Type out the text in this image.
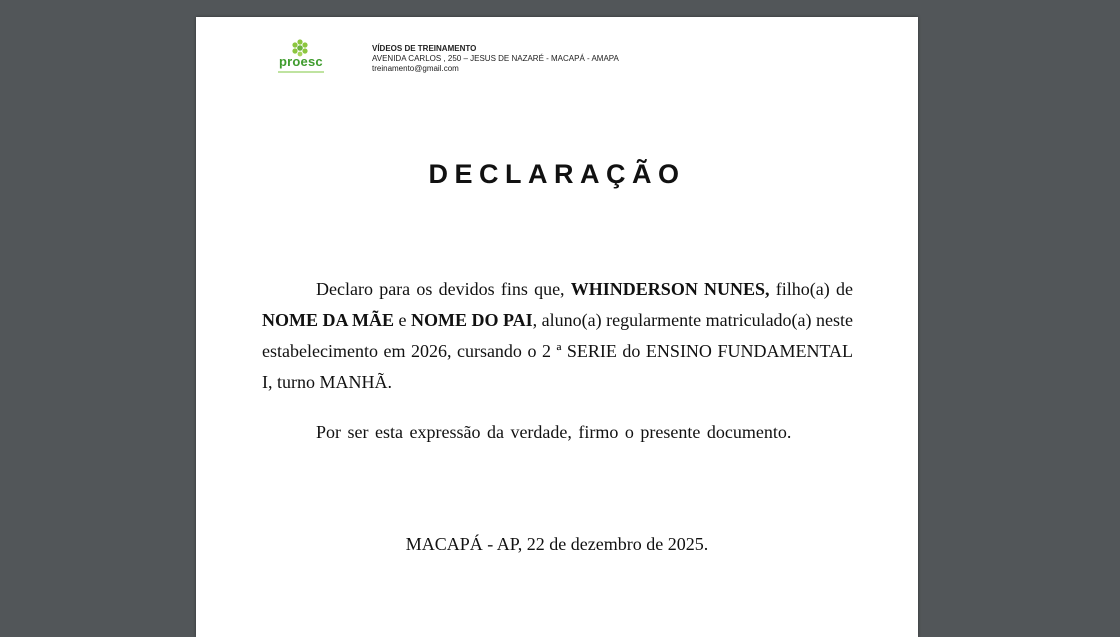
proesc
VÍDEOS DE TREINAMENTO
AVENIDA CARLOS , 250 – JESUS DE NAZARÉ - MACAPÁ - AMAPA
treinamento@gmail.com
DECLARAÇÃO
Declaro para os devidos fins que, WHINDERSON NUNES, filho(a) de NOME DA MÃE e NOME DO PAI, aluno(a) regularmente matriculado(a) neste estabelecimento em 2026, cursando o 2 ª SERIE do ENSINO FUNDAMENTAL I, turno MANHÃ.
Por ser esta expressão da verdade, firmo o presente documento.
MACAPÁ - AP, 22 de dezembro de 2025.
